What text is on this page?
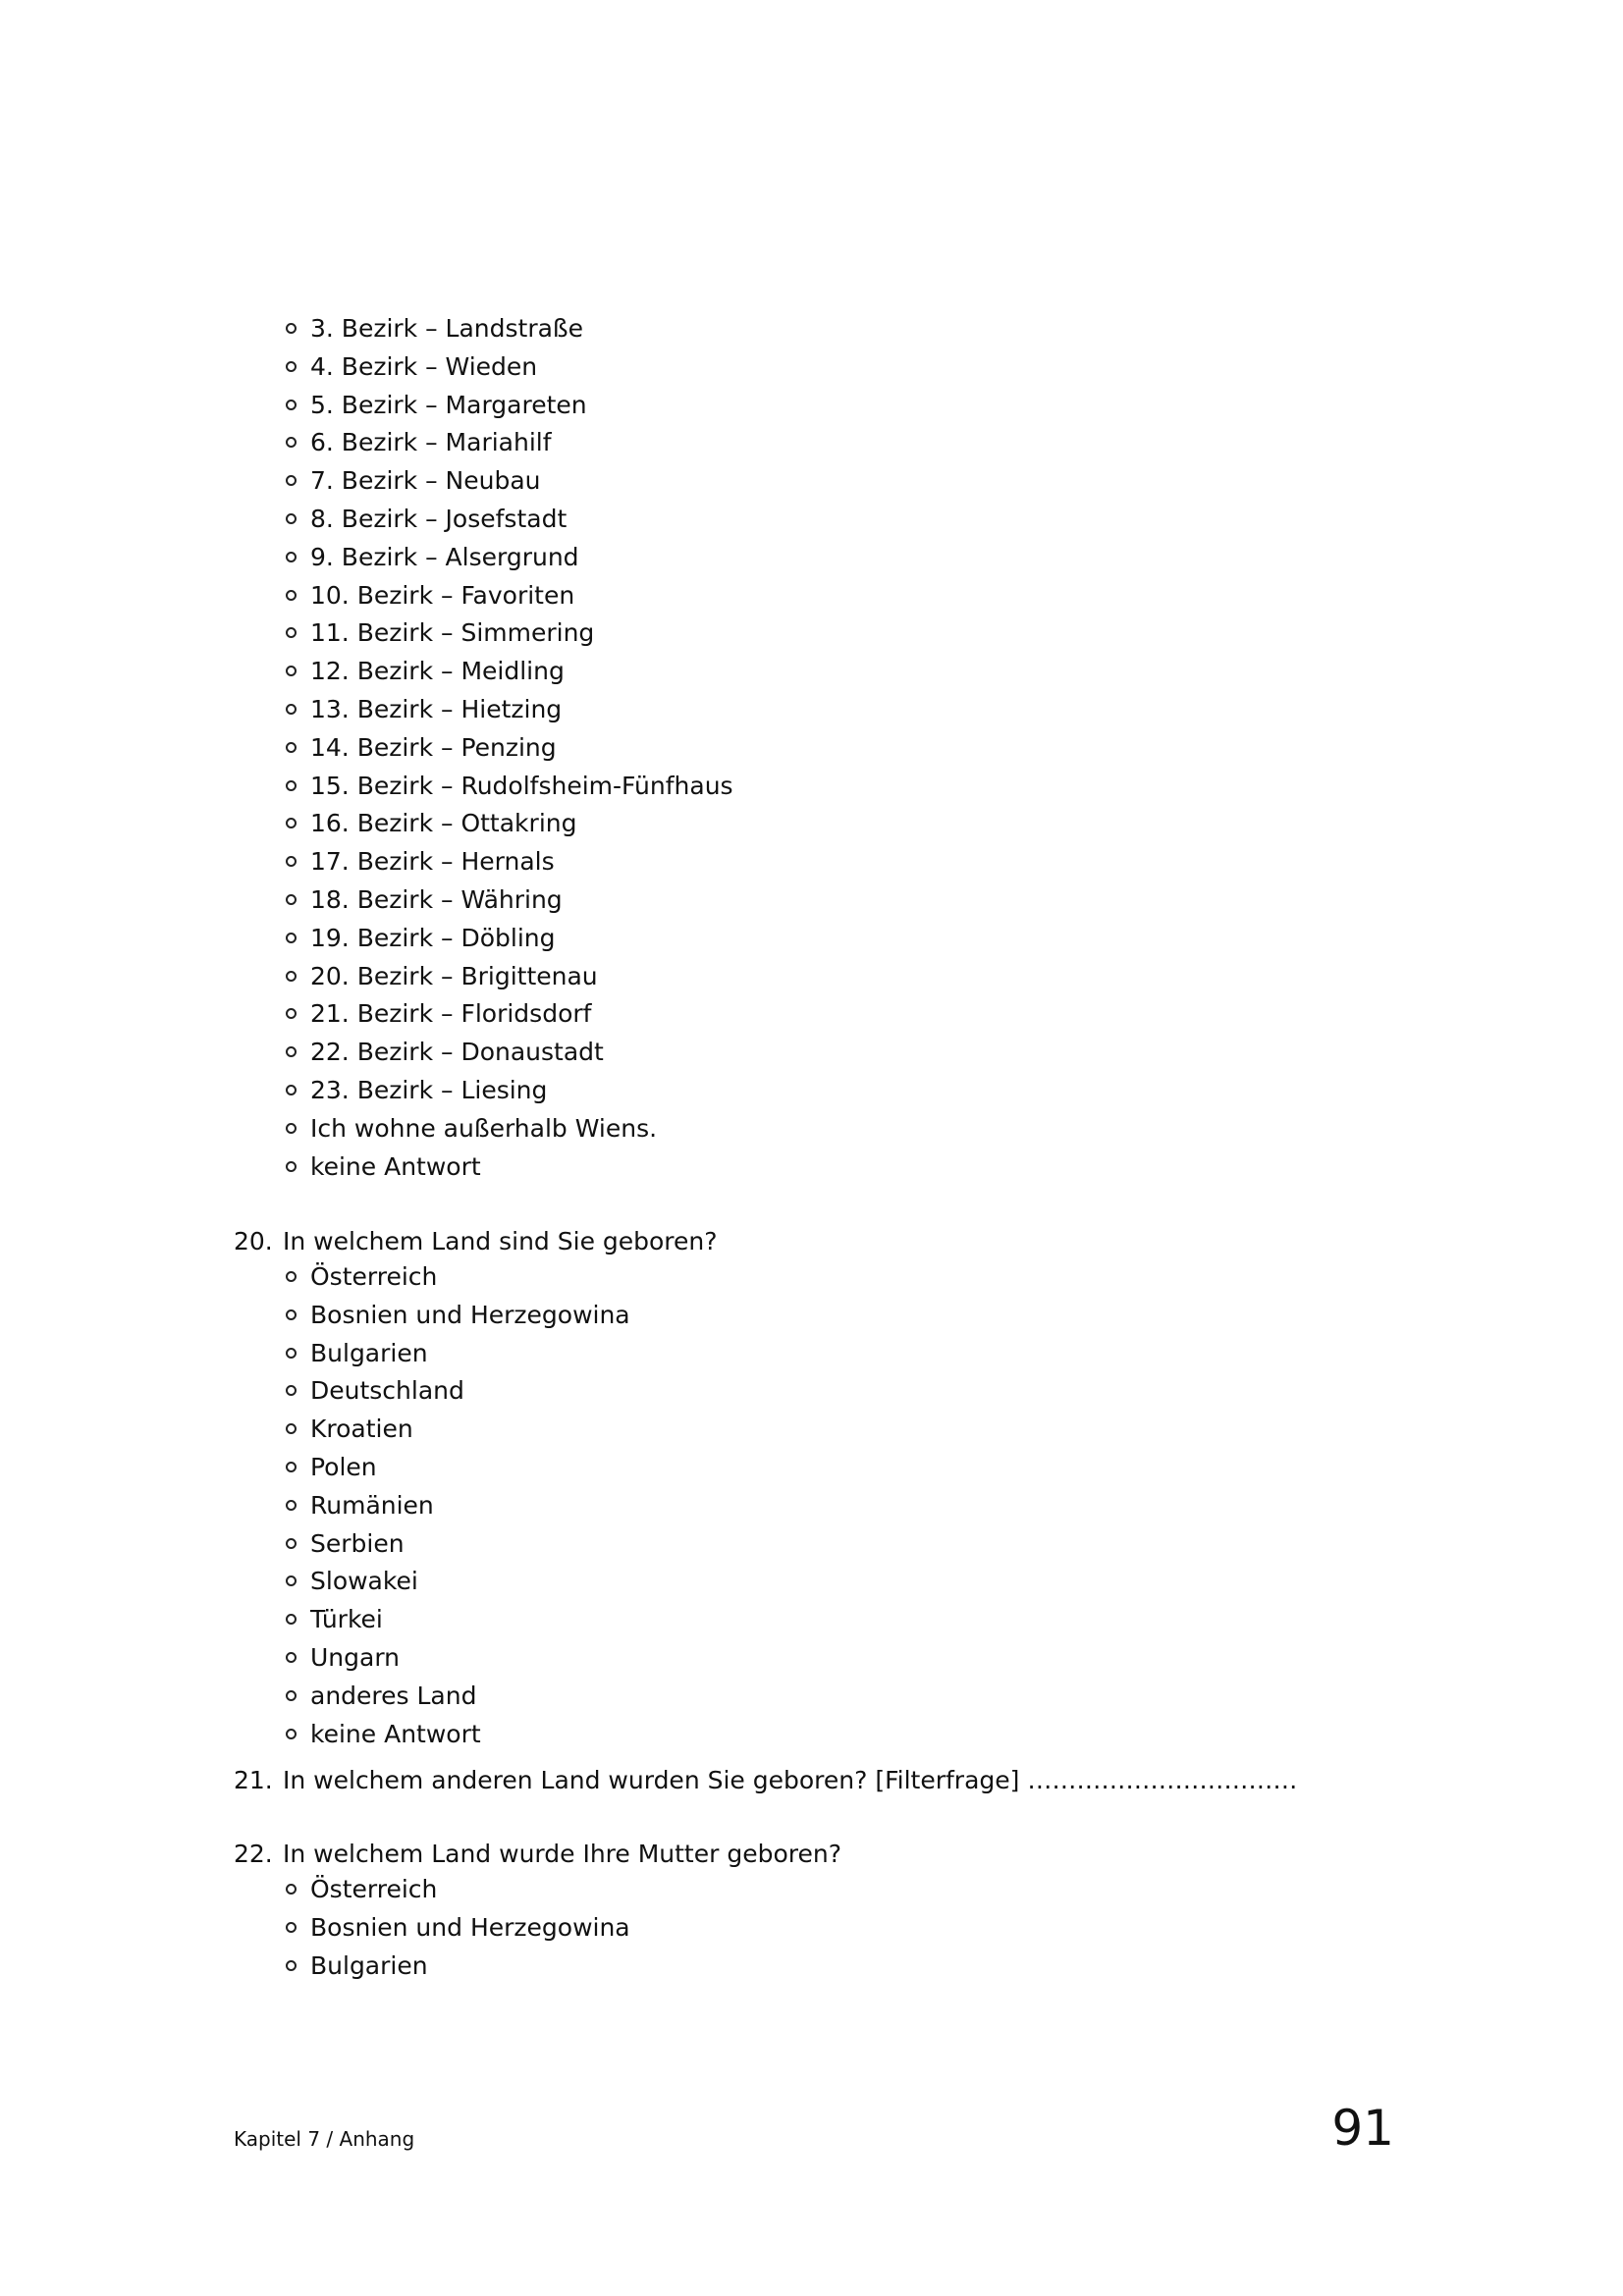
3. Bezirk – Landstraße
4. Bezirk – Wieden
5. Bezirk – Margareten
6. Bezirk – Mariahilf
7. Bezirk – Neubau
8. Bezirk – Josefstadt
9. Bezirk – Alsergrund
10. Bezirk – Favoriten
11. Bezirk – Simmering
12. Bezirk – Meidling
13. Bezirk – Hietzing
14. Bezirk – Penzing
15. Bezirk – Rudolfsheim-Fünfhaus
16. Bezirk – Ottakring
17. Bezirk – Hernals
18. Bezirk – Währing
19. Bezirk – Döbling
20. Bezirk – Brigittenau
21. Bezirk – Floridsdorf
22. Bezirk – Donaustadt
23. Bezirk – Liesing
Ich wohne außerhalb Wiens.
keine Antwort
20. In welchem Land sind Sie geboren?
Österreich
Bosnien und Herzegowina
Bulgarien
Deutschland
Kroatien
Polen
Rumänien
Serbien
Slowakei
Türkei
Ungarn
anderes Land
keine Antwort
21. In welchem anderen Land wurden Sie geboren? [Filterfrage] ……………………………
22. In welchem Land wurde Ihre Mutter geboren?
Österreich
Bosnien und Herzegowina
Bulgarien
Kapitel 7 / Anhang	91
